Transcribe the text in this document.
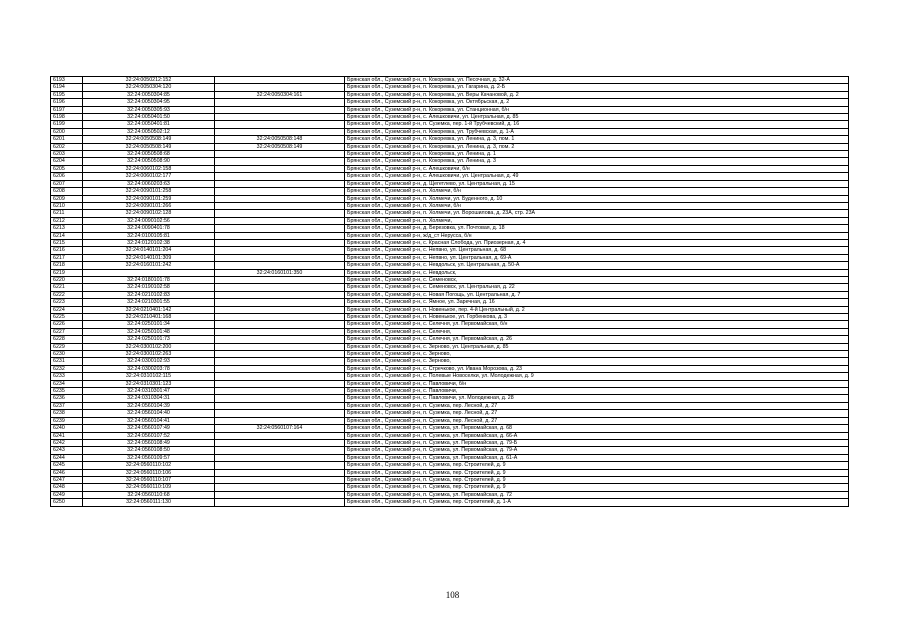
6193	32:24:0050212:152		Брянская обл., Суземский р-н, п. Кокоревка, ул. Песочная, д. 32-А
6194	32:24:0050304:120		Брянская обл., Суземский р-н, п. Кокоревка, ул. Гагарина, д. 2-Б
6195	32:24:0050304:85	32:24:0050304:161	Брянская обл., Суземский р-н, п. Кокоревка, ул. Веры Качановой, д. 2
6196	32:24:0050304:95		Брянская обл., Суземский р-н, п. Кокоревка, ул. Октябрьская, д. 2
6197	32:24:0050305:93		Брянская обл., Суземский р-н, п. Кокоревка, ул. Станционная, б/н
6198	32:24:0050401:50		Брянская обл., Суземский р-н, с. Алешковичи, ул. Центральная, д. 85
6199	32:24:0050401:81		Брянская обл., Суземский р-н, п. Суземка, пер. 1-й Трубчевский, д. 16
6200	32:24:0050502:12		Брянская обл., Суземский р-н, п. Кокоревка, ул. Трубчевская, д. 1-А
6201	32:24:0050508:149	32:24:0050508:148	Брянская обл., Суземский р-н, п. Кокоревка, ул. Ленина, д. 3, пом. 1
6202	32:24:0050508:149	32:24:0050508:149	Брянская обл., Суземский р-н, п. Кокоревка, ул. Ленина, д. 3, пом. 2
6203	32:24:0050508:68		Брянская обл., Суземский р-н, п. Кокоревка, ул. Ленина, д. 1
6204	32:24:0050508:90		Брянская обл., Суземский р-н, п. Кокоревка, ул. Ленина, д. 3
6205	32:24:0060102:158		Брянская обл., Суземский р-н, с. Алешковичи, б/н
6206	32:24:0060102:177		Брянская обл., Суземский р-н, с. Алешковичи, ул. Центральная, д. 49
6207	32:24:0060203:63		Брянская обл., Суземский р-н, д. Щегетлево, ул. Центральная, д. 15
6208	32:24:0090101:258		Брянская обл., Суземский р-н, п. Холмечи, б/н
6209	32:24:0090101:259		Брянская обл., Суземский р-н, п. Холмечи, ул. Буденного, д. 10
6210	32:24:0090101:266		Брянская обл., Суземский р-н, п. Холмечи, б/н
6211	32:24:0090102:128		Брянская обл., Суземский р-н, п. Холмечи, ул. Ворошилова, д. 23А, стр. 23А
6212	32:24:0090102:56		Брянская обл., Суземский р-н, п. Холмечи,
6213	32:24:0090401:78		Брянская обл., Суземский р-н, д. Березовка, ул. Почтовая, д. 18
6214	32:24:0100105:81		Брянская обл., Суземский р-н, ж/д_ст Неруссa, б/н
6215	32:24:0120102:38		Брянская обл., Суземский р-н, с. Красная Слобода, ул. Приозерная, д. 4
6216	32:24:0140101:204		Брянская обл., Суземский р-н, с. Непвно, ул. Центральная, д. 68
6217	32:24:0140101:309		Брянская обл., Суземский р-н, с. Непвно, ул. Центральная, д. 69-А
6218	32:24:0160101:242		Брянская обл., Суземский р-н, с. Невдольск, ул. Центральная, д. 50-А
6219		32:24:0160101:350	Брянская обл., Суземский р-н, с. Невдольск,
6220	32:24:0180101:78		Брянская обл., Суземский р-н, с. Семеновск,
6221	32:24:0190102:58		Брянская обл., Суземский р-н, с. Семеновск, ул. Центральная, д. 22
6222	32:24:0210102:83		Брянская обл., Суземский р-н, с. Новая Погощь, ул. Центральная, д. 7
6223	32:24:0210301:55		Брянская обл., Суземский р-н, с. Ямное, ул. Заречная, д. 16
6224	32:24:0210401:142		Брянская обл., Суземский р-н, п. Новенькое, пер. 4-й Центральный, д. 2
6225	32:24:0210401:168		Брянская обл., Суземский р-н, п. Новенькое, ул. Горбенкова, д. 3
6226	32:24:0250101:34		Брянская обл., Суземский р-н, с. Селечня, ул. Первомайская, б/н
6227	32:24:0250101:48		Брянская обл., Суземский р-н, с. Селечня,
6228	32:24:0250101:73		Брянская обл., Суземский р-н, с. Селечня, ул. Первомайская, д. 26
6229	32:24:0300102:200		Брянская обл., Суземский р-н, с. Зерново, ул. Центральная, д. 85
6230	32:24:0300102:263		Брянская обл., Суземский р-н, с. Зерново,
6231	32:24:0300102:93		Брянская обл., Суземский р-н, с. Зерново,
6232	32:24:0300203:78		Брянская обл., Суземский р-н, с. Стречково, ул. Ивана Морозова, д. 23
6233	32:24:0310102:115		Брянская обл., Суземский р-н, с. Полевые Новоселки, ул. Молодежная, д. 9
6234	32:24:0310301:123		Брянская обл., Суземский р-н, с. Павловичи, б/н
6235	32:24:0310301:47		Брянская обл., Суземский р-н, с. Павловичи,
6236	32:24:0310304:31		Брянская обл., Суземский р-н, с. Павловичи, ул. Молодежная, д. 28
6237	32:24:0560104:39		Брянская обл., Суземский р-н, п. Суземка, пер. Лесной, д. 27
6238	32:24:0560104:40		Брянская обл., Суземский р-н, п. Суземка, пер. Лесной, д. 27
6239	32:24:0560104:41		Брянская обл., Суземский р-н, п. Суземка, пер. Лесной, д. 27
6240	32:24:0560107:49	32:24:0560107:164	Брянская обл., Суземский р-н, п. Суземка, ул. Первомайская, д. 68
6241	32:24:0560107:52		Брянская обл., Суземский р-н, п. Суземка, ул. Первомайская, д. 66-А
6242	32:24:0560108:49		Брянская обл., Суземский р-н, п. Суземка, ул. Первомайская, д. 79-Б
6243	32:24:0560108:50		Брянская обл., Суземский р-н, п. Суземка, ул. Первомайская, д. 79-А
6244	32:24:0560109:57		Брянская обл., Суземский р-н, п. Суземка, ул. Первомайская, д. 61-А
6245	32:24:0560110:102		Брянская обл., Суземский р-н, п. Суземка, пер. Строителей, д. 9
6246	32:24:0560110:106		Брянская обл., Суземский р-н, п. Суземка, пер. Строителей, д. 9
6247	32:24:0560110:107		Брянская обл., Суземский р-н, п. Суземка, пер. Строителей, д. 9
6248	32:24:0560110:109		Брянская обл., Суземский р-н, п. Суземка, пер. Строителей, д. 9
6249	32:24:0560110:68		Брянская обл., Суземский р-н, п. Суземка, ул. Первомайская, д. 72
6250	32:24:0560111:130		Брянская обл., Суземский р-н, п. Суземка, пер. Строителей, д. 1-А
108
